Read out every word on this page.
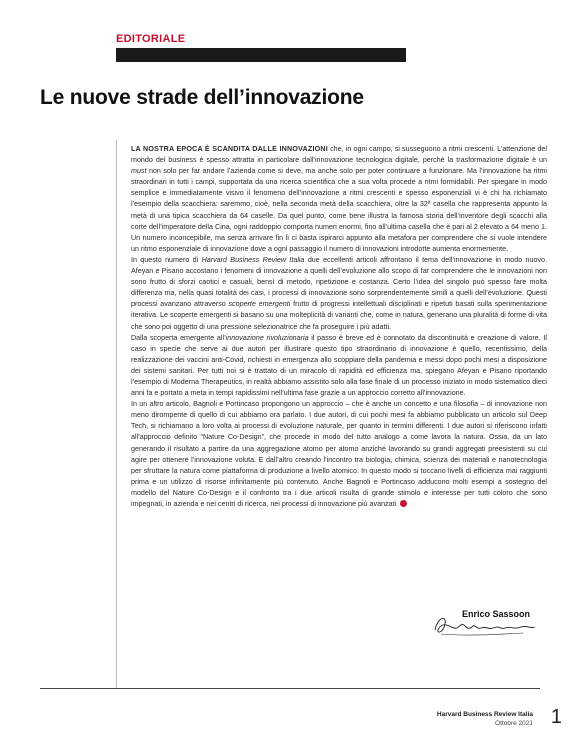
EDITORIALE
Le nuove strade dell’innovazione

LA NOSTRA EPOCA È SCANDITA DALLE INNOVAZIONI che, in ogni campo, si susseguono a ritmi crescenti. L’attenzione del mondo del business è spesso attratta in particolare dall’innovazione tecnologica digitale, perché la trasformazione digitale è un must non solo per far andare l’azienda come si deve, ma anche solo per poter continuare a funzionare. Ma l’innovazione ha ritmi straordinari in tutti i campi, supportata da una ricerca scientifica che a sua volta procede a ritmi formidabili. Per spiegare in modo semplice e immediatamente visivo il fenomeno dell’innovazione a ritmi crescenti e spesso esponenziali vi è chi ha richiamato l’esempio della scacchiera: saremmo, cioè, nella seconda metà della scacchiera, oltre la 32ª casella che rappresenta appunto la metà di una tipica scacchiera da 64 caselle. Da quel punto, come bene illustra la famosa storia dell’inventore degli scacchi alla corte dell’imperatore della Cina, ogni raddoppio comporta numeri enormi, fino all’ultima casella che è pari al 2 elevato a 64 meno 1. Un numero inconcepibile, ma senza arrivare fin lì ci basta ispirarci appunto alla metafora per comprendere che si vuole intendere un ritmo esponenziale di innovazione dove a ogni passaggio il numero di innovazioni introdotte aumenta enormemente.

In questo numero di Harvard Business Review Italia due eccellenti articoli affrontano il tema dell’innovazione in modo nuovo. Afeyan e Pisano accostano i fenomeni di innovazione a quelli dell’evoluzione allo scopo di far comprendere che le innovazioni non sono frutto di sforzi caotici e casuali, bensì di metodo, ripetizione e costanza. Certo l’idea del singolo può spesso fare molta differenza ma, nella quasi totalità dei casi, i processi di innovazione sono sorprendentemente simili a quelli dell’evoluzione. Questi processi avanzano attraverso scoperte emergenti frutto di progressi intellettuali disciplinati e ripetuti basati sulla sperimentazione iterativa. Le scoperte emergenti si basano su una molteplicità di varianti che, come in natura, generano una pluralità di forme di vita che sono poi oggetto di una pressione selezionatrice che fa proseguire i più adatti.

Dalla scoperta emergente all’innovazione rivoluzionaria il passo è breve ed è connotato da discontinuità e creazione di valore. Il caso in specie che serve ai due autori per illustrare questo tipo straordinario di innovazione è quello, recentissimo, della realizzazione dei vaccini anti-Covid, richiesti in emergenza allo scoppiare della pandemia e messi dopo pochi mesi a disposizione dei sistemi sanitari. Per tutti noi si è trattato di un miracolo di rapidità ed efficienza ma, spiegano Afeyan e Pisano riportando l’esempio di Moderna Therapeutics, in realtà abbiamo assistito solo alla fase finale di un processo iniziato in modo sistematico dieci anni fa e portato a meta in tempi rapidissimi nell’ultima fase grazie a un approccio corretto all’innovazione.

In un altro articolo, Bagnoli e Portincaso propongono un approccio – che è anche un concetto e una filosofia – di innovazione non meno dirompente di quello di cui abbiamo ora parlato. I due autori, di cui pochi mesi fa abbiamo pubblicato un articolo sul Deep Tech, si richiamano a loro volta ai processi di evoluzione naturale, per quanto in termini differenti. I due autori si riferiscono infatti all’approccio definito “Nature Co-Design”, che procede in modo del tutto analogo a come lavora la natura. Ossia, da un lato generando il risultato a partire da una aggregazione atomo per atomo anziché lavorando su grandi aggregati preesistenti su cui agire per ottenere l’innovazione voluta. E dall’altro creando l’incontro tra biologia, chimica, scienza dei materiali e nanotecnologia per sfruttare la natura come piattaforma di produzione a livello atomico. In questo modo si toccano livelli di efficienza mai raggiunti prima e un utilizzo di risorse infinitamente più contenuto. Anche Bagnoli e Portincaso adducono molti esempi a sostegno del modello del Nature Co-Design e il confronto tra i due articoli risulta di grande stimolo e interesse per tutti coloro che sono impegnati, in azienda e nei centri di ricerca, nei processi di innovazione più avanzati.

Enrico Sassoon
Harvard Business Review Italia
Ottobre 2021 1
